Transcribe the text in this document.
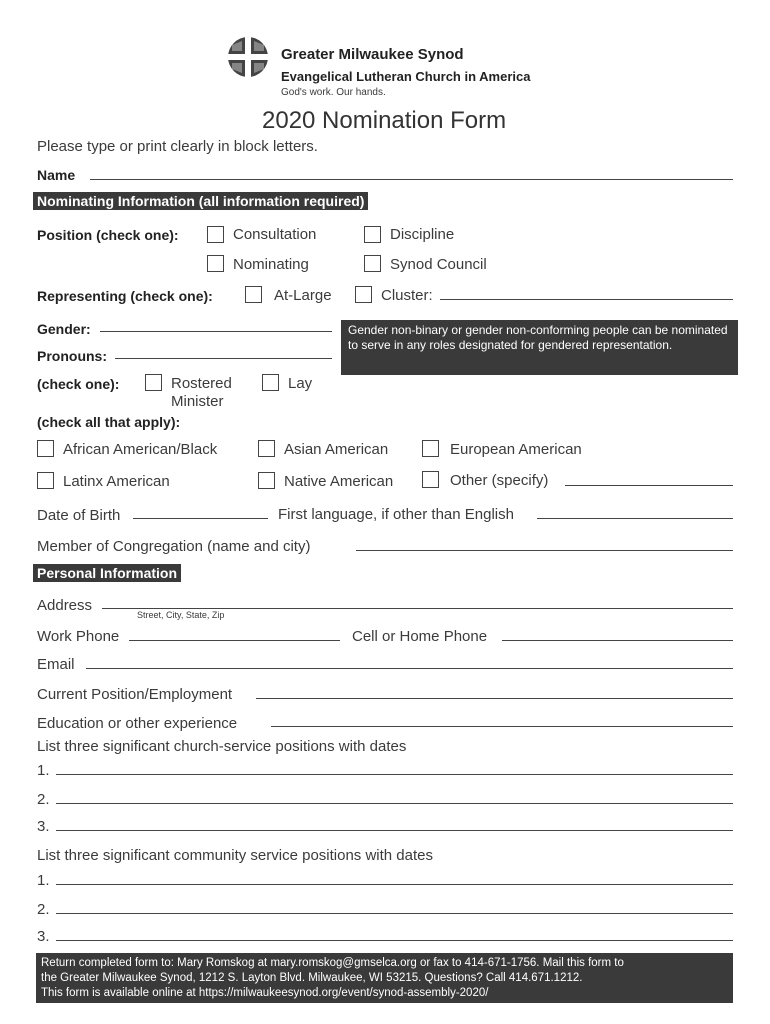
Greater Milwaukee Synod
Evangelical Lutheran Church in America
God's work. Our hands.
2020 Nomination Form
Please type or print clearly in block letters.
Name
Nominating Information (all information required)
Position (check one):	Consultation	Discipline
Nominating	Synod Council
Representing (check one):	At-Large	Cluster:
Gender:
Pronouns:
Gender non-binary or gender non-conforming people can be nominated to serve in any roles designated for gendered representation.
(check one):	Rostered
Minister
Lay
(check all that apply):
African American/Black	Asian American	European American
Latinx American	Native American	Other (specify)
Date of Birth	First language, if other than English
Member of Congregation (name and city)
Personal Information
Address
Street, City, State, Zip
Work Phone	Cell or Home Phone
Email
Current Position/Employment
Education or other experience
List three significant church-service positions with dates
1.
2.
3.
List three significant community service positions with dates
1.
2.
3.
Return completed form to: Mary Romskog at mary.romskog@gmselca.org or fax to 414-671-1756. Mail this form to
the Greater Milwaukee Synod, 1212 S. Layton Blvd. Milwaukee, WI 53215. Questions? Call 414.671.1212.
This form is available online at https://milwaukeesynod.org/event/synod-assembly-2020/
